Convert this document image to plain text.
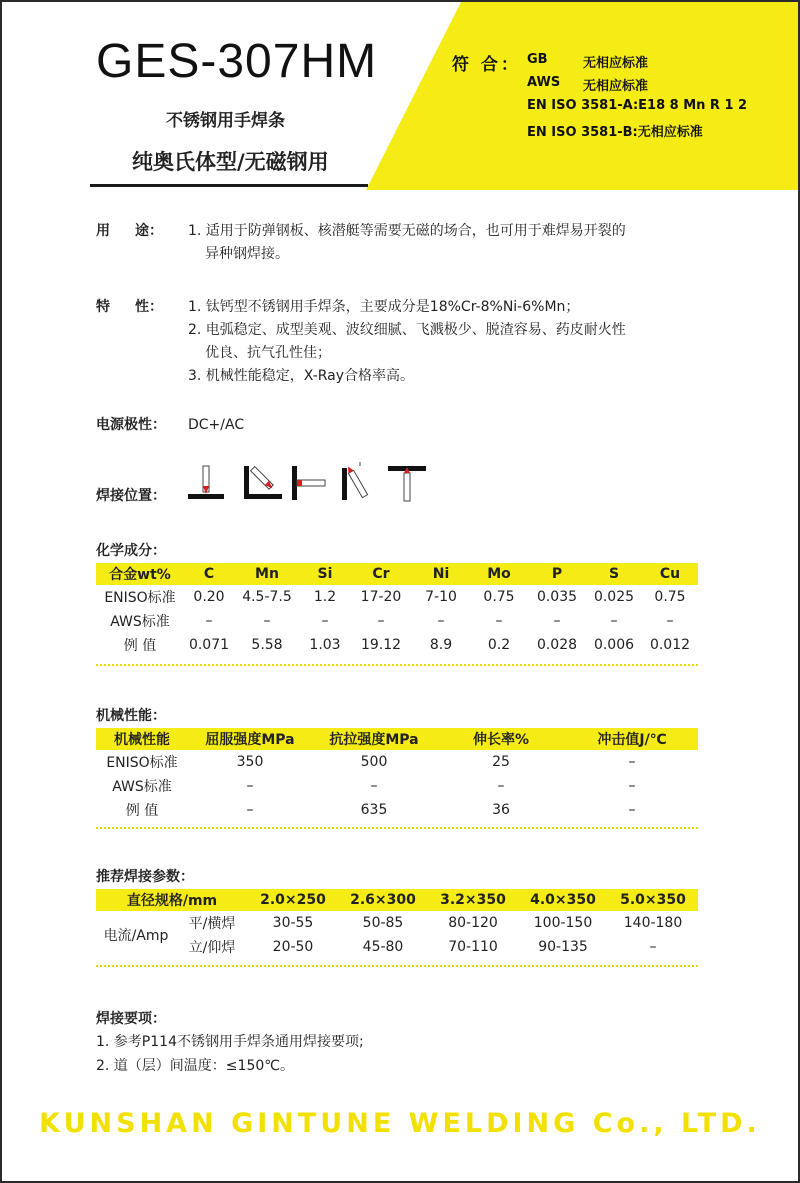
GES-307HM
不锈钢用手焊条
纯奥氏体型/无磁钢用
符 合： GB	无相应标准
AWS	无相应标准
EN ISO 3581-A:E18 8 Mn R 1 2
EN ISO 3581-B:无相应标准
用 途： 1. 适用于防弹钢板、核潜艇等需要无磁的场合，也可用于难焊易开裂的

异种钢焊接。

特 性： 1. 钛钙型不锈钢用手焊条，主要成分是18%Cr-8%Ni-6%Mn；

2. 电弧稳定、成型美观、波纹细腻、飞溅极少、脱渣容易、药皮耐火性

优良、抗气孔性佳；

3. 机械性能稳定，X-Ray合格率高。

电源极性：	DC+/AC
焊接位置：
化学成分：
合金wt%	C	Mn	Si	Cr	Ni	Mo	P	S	Cu
ENISO标准	0.20	4.5-7.5	1.2	17-20	7-10	0.75	0.035	0.025	0.75
AWS标准	–	–	–	–	–	–	–	–	–
例 值	0.071	5.58	1.03	19.12	8.9	0.2	0.028	0.006	0.012
机械性能：
机械性能	屈服强度MPa	抗拉强度MPa	伸长率%	冲击值J/℃
ENISO标准	350	500	25	–
AWS标准	–	–	–	–
例 值	–	635	36	–
推荐焊接参数：
直径规格/mm		2.0×250	2.6×300	3.2×350	4.0×350	5.0×350
电流/Amp	平/横焊	30-55	50-85	80-120	100-150	140-180
	立/仰焊	20-50	45-80	70-110	90-135	–
焊接要项：

1. 参考P114不锈钢用手焊条通用焊接要项;

2. 道（层）间温度：≤150℃。

KUNSHAN GINTUNE WELDING Co., LTD.
